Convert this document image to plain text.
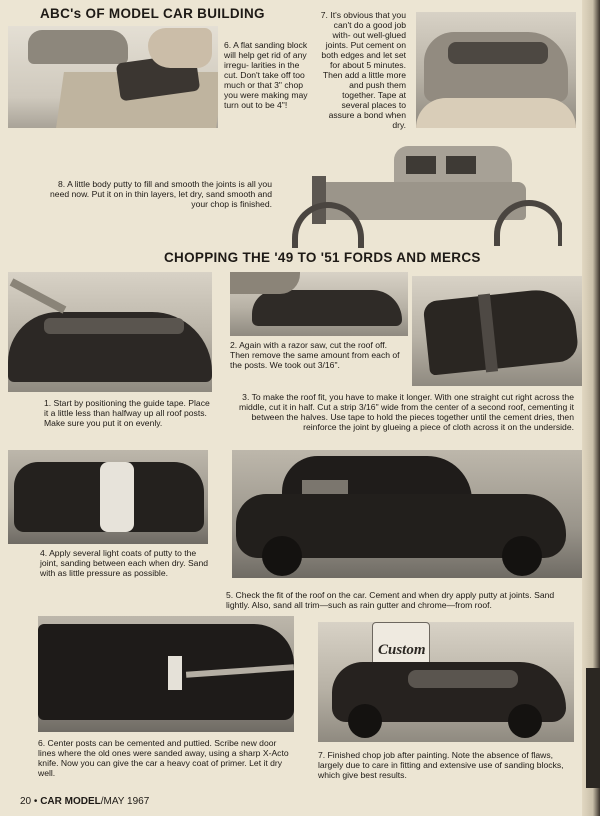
ABC's OF MODEL CAR BUILDING

6. A flat sanding block will help get rid of any irregu- larities in the cut. Don't take off too much or that 3" chop you were making may turn out to be 4"!

7. It's obvious that you can't do a good job with- out well-glued joints. Put cement on both edges and let set for about 5 minutes. Then add a little more and push them together. Tape at several places to assure a bond when dry.

8. A little body putty to fill and smooth the joints is all you need now. Put it on in thin layers, let dry, sand smooth and your chop is finished.

CHOPPING THE '49 TO '51 FORDS AND MERCS

1. Start by positioning the guide tape. Place it a little less than halfway up all roof posts. Make sure you put it on evenly.

2. Again with a razor saw, cut the roof off. Then remove the same amount from each of the posts. We took out 3/16".

3. To make the roof fit, you have to make it longer. With one straight cut right across the middle, cut it in half. Cut a strip 3/16" wide from the center of a second roof, cementing it between the halves. Use tape to hold the pieces together until the cement dries, then reinforce the joint by glueing a piece of cloth across it on the underside.

4. Apply several light coats of putty to the joint, sanding between each when dry. Sand with as little pressure as possible.

5. Check the fit of the roof on the car. Cement and when dry apply putty at joints. Sand lightly. Also, sand all trim—such as rain gutter and chrome—from roof.

6. Center posts can be cemented and puttied. Scribe new door lines where the old ones were sanded away, using a sharp X-Acto knife. Now you can give the car a heavy coat of primer. Let it dry well.

Custom

7. Finished chop job after painting. Note the absence of flaws, largely due to care in fitting and extensive use of sanding blocks, which give best results.

20 • CAR MODEL/MAY 1967
